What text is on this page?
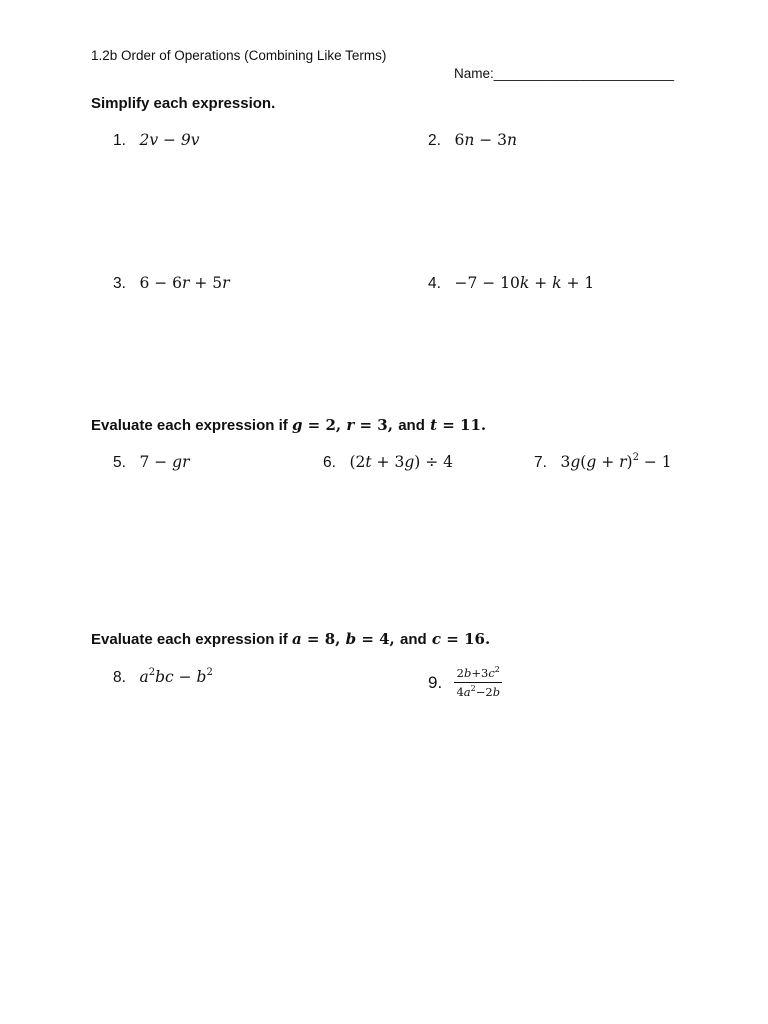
1.2b Order of Operations (Combining Like Terms)
Name:________________________
Simplify each expression.
1. 2v − 9v	2. 6n − 3n
3. 6 − 6r + 5r	4. −7 − 10k + k + 1
Evaluate each expression if g = 2, r = 3, and t = 11.
5. 7 − gr	6. (2t + 3g) ÷ 4	7. $3g(g + r)^2 - 1$
Evaluate each expression if a = 8, b = 4, and c = 16.
8. $a^2bc - b^2$	9. $\frac{2b+3c^2}{4a^2-2b}$
